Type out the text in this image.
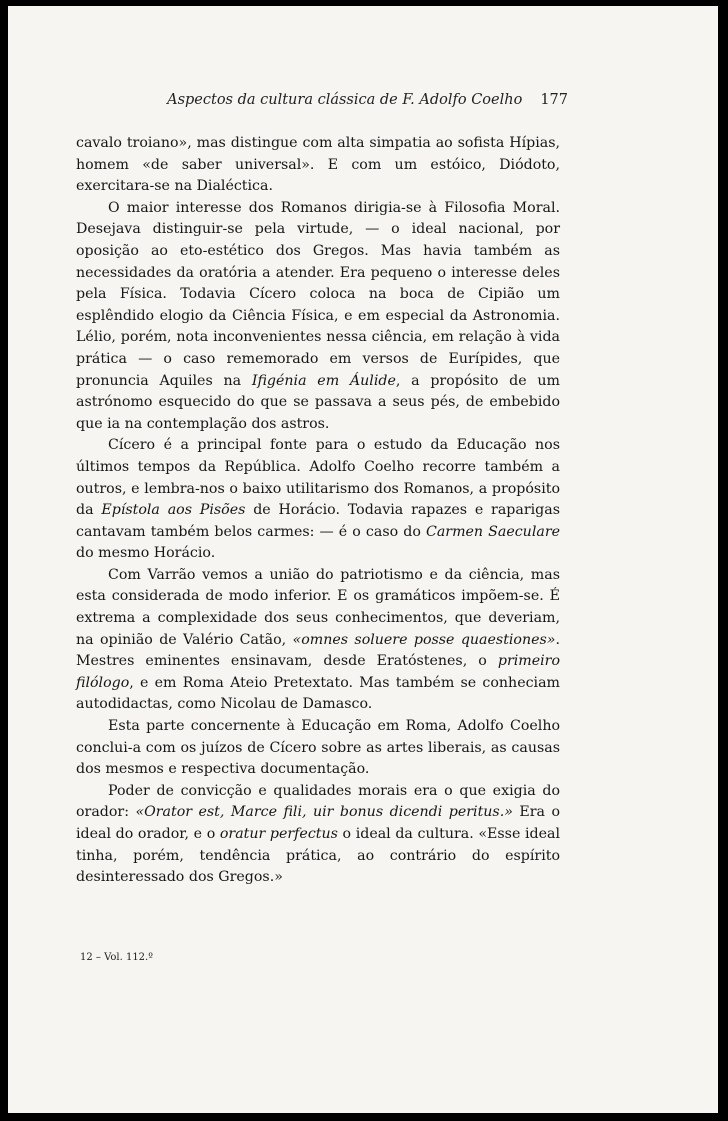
Aspectos da cultura clássica de F. Adolfo Coelho 177

cavalo troiano», mas distingue com alta simpatia ao sofista Hípias, homem «de saber universal». E com um estóico, Diódoto, exercitara-se na Dialéctica.

O maior interesse dos Romanos dirigia-se à Filosofia Moral. Desejava distinguir-se pela virtude, — o ideal nacional, por oposição ao eto-estético dos Gregos. Mas havia também as necessidades da oratória a atender. Era pequeno o interesse deles pela Física. Todavia Cícero coloca na boca de Cipião um esplêndido elogio da Ciência Física, e em especial da Astronomia. Lélio, porém, nota inconvenientes nessa ciência, em relação à vida prática — o caso rememorado em versos de Eurípides, que pronuncia Aquiles na Ifigénia em Áulide, a propósito de um astrónomo esquecido do que se passava a seus pés, de embebido que ia na contemplação dos astros.

Cícero é a principal fonte para o estudo da Educação nos últimos tempos da República. Adolfo Coelho recorre também a outros, e lembra-nos o baixo utilitarismo dos Romanos, a propósito da Epístola aos Pisões de Horácio. Todavia rapazes e raparigas cantavam também belos carmes: — é o caso do Carmen Saeculare do mesmo Horácio.

Com Varrão vemos a união do patriotismo e da ciência, mas esta considerada de modo inferior. E os gramáticos impõem-se. É extrema a complexidade dos seus conhecimentos, que deveriam, na opinião de Valério Catão, «omnes soluere posse quaestiones». Mestres eminentes ensinavam, desde Eratóstenes, o primeiro filólogo, e em Roma Ateio Pretextato. Mas também se conheciam autodidactas, como Nicolau de Damasco.

Esta parte concernente à Educação em Roma, Adolfo Coelho conclui-a com os juízos de Cícero sobre as artes liberais, as causas dos mesmos e respectiva documentação.

Poder de convicção e qualidades morais era o que exigia do orador: «Orator est, Marce fili, uir bonus dicendi peritus.» Era o ideal do orador, e o oratur perfectus o ideal da cultura. «Esse ideal tinha, porém, tendência prática, ao contrário do espírito desinteressado dos Gregos.»

12 – Vol. 112.º
